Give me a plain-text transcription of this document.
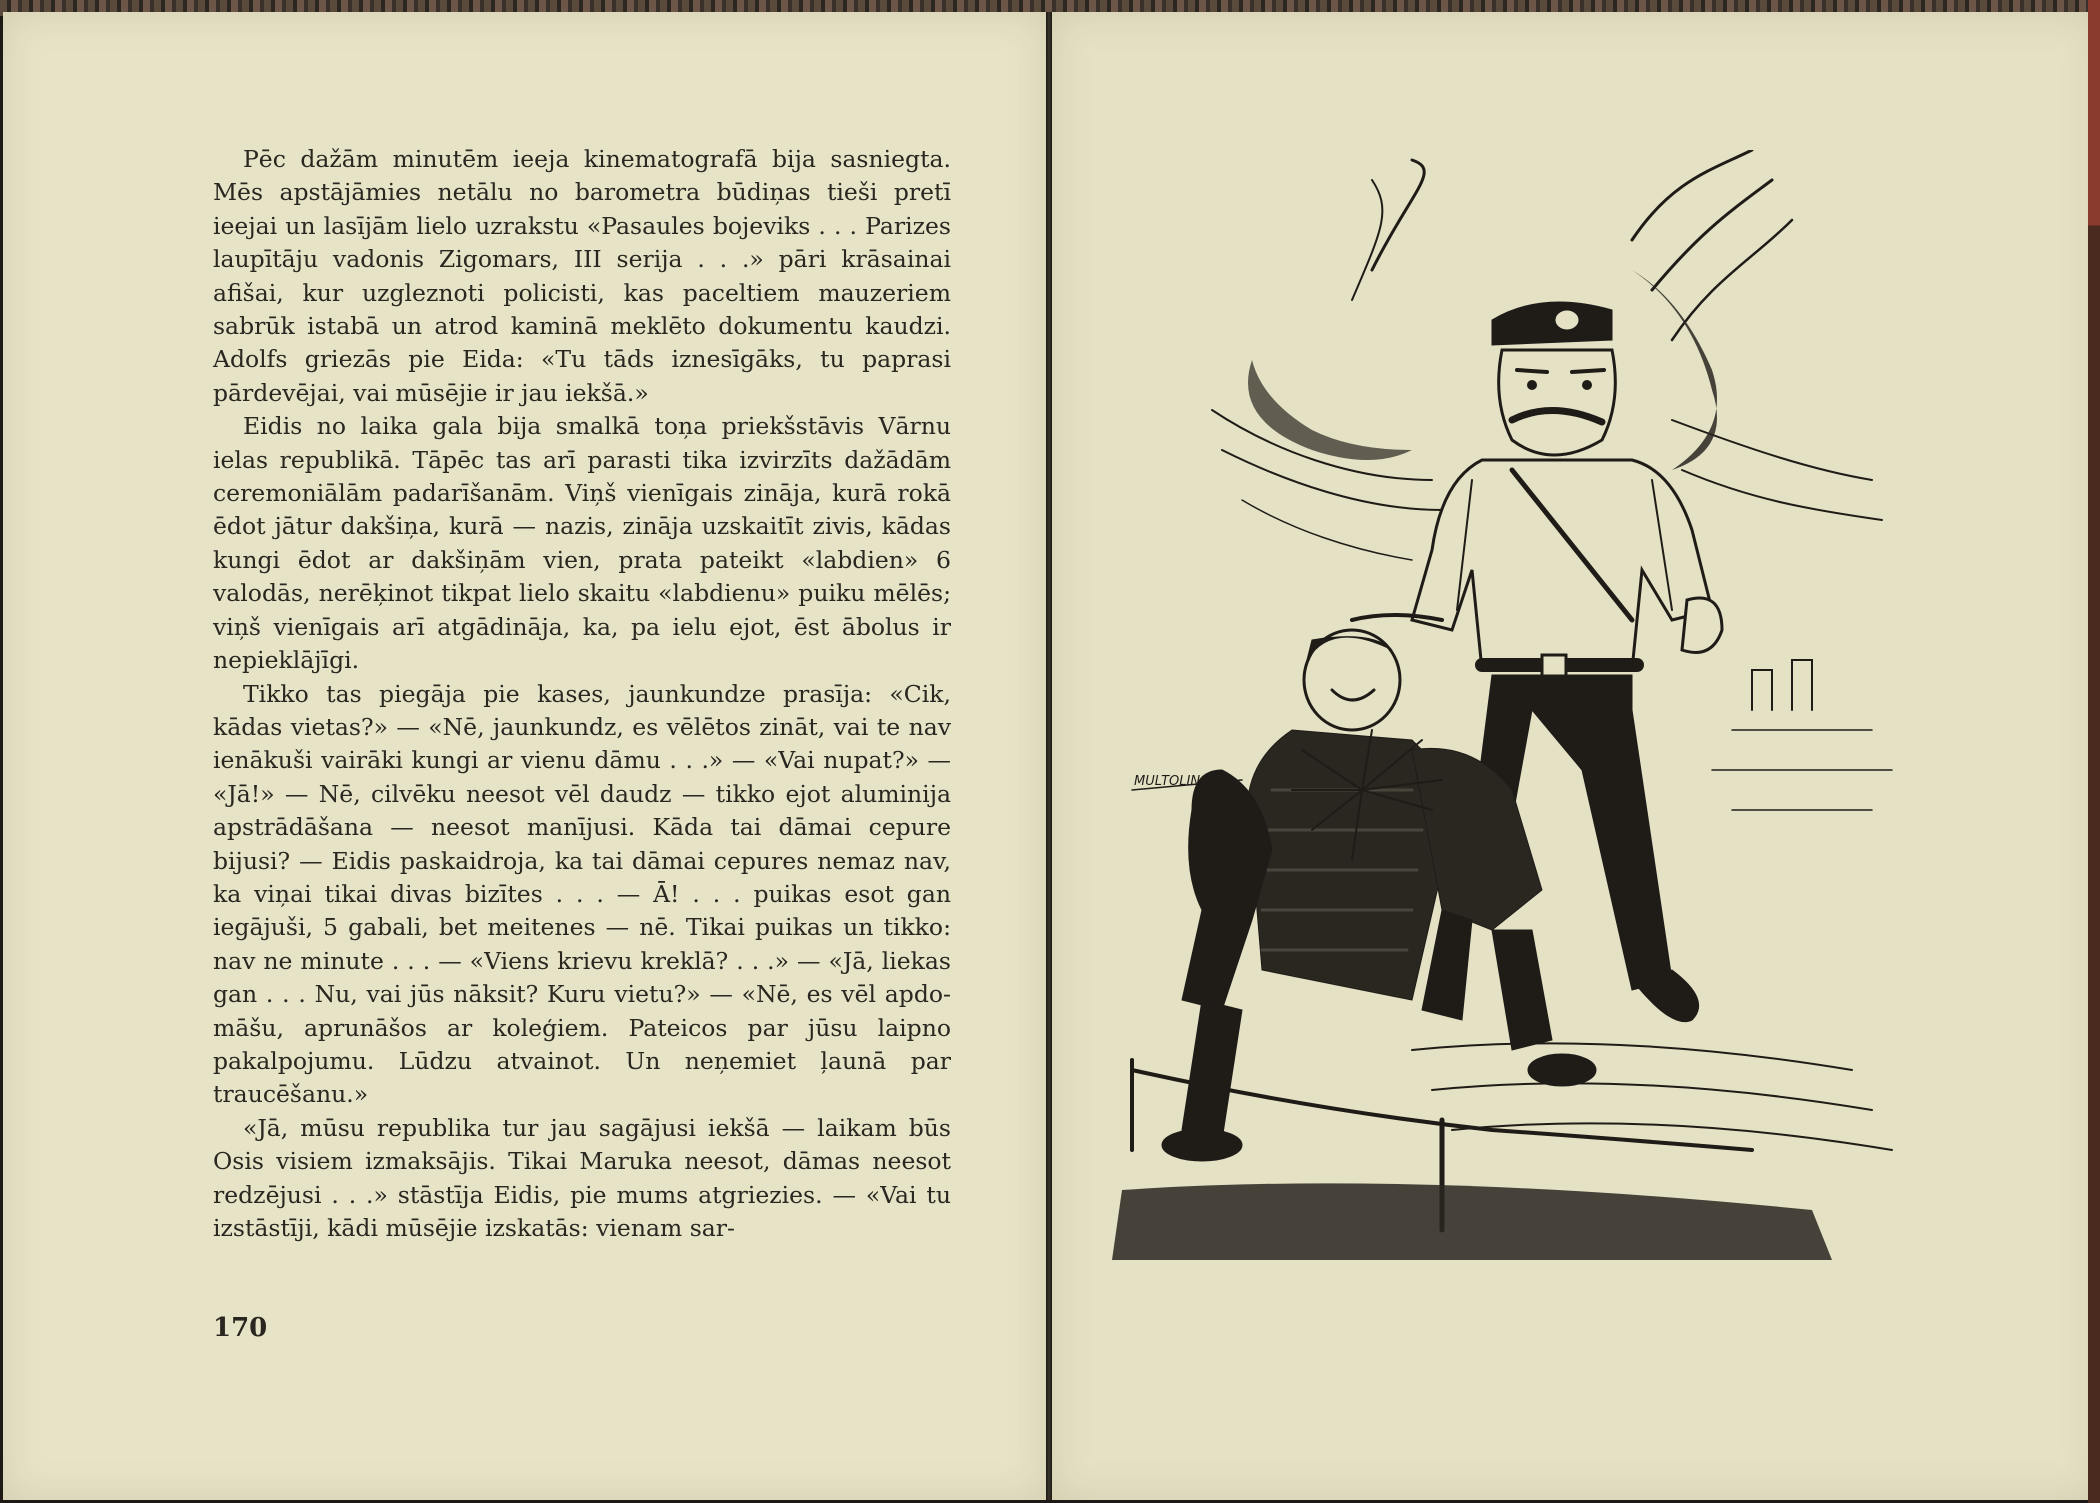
Pēc dažām minutēm ieeja kinematografā bija sasniegta. Mēs apstājāmies netālu no barometra būdiņas tieši pretī ieejai un lasījām lielo uzrakstu «Pasaules bojeviks . . . Parizes laupītāju vadonis Zigomars, III serija . . .» pāri krāsainai afišai, kur uzgleznoti policisti, kas paceltiem mauzeriem sabrūk istabā un atrod kaminā meklēto dokumentu kaudzi. Adolfs griezās pie Eida: «Tu tāds iznesīgāks, tu paprasi pārdevējai, vai mūsējie ir jau iekšā.»

Eidis no laika gala bija smalkā toņa priekšstāvis Vārnu ielas republikā. Tāpēc tas arī parasti tika izvirzīts dažādām ceremoniālām padarīšanām. Viņš vienīgais zināja, kurā rokā ēdot jātur dakšiņa, kurā — nazis, zināja uzskaitīt zivis, kādas kungi ēdot ar dakšiņām vien, prata pateikt «labdien» 6 valodās, nerēķinot tikpat lielo skaitu «labdienu» puiku mēlēs; viņš vienīgais arī atgādināja, ka, pa ielu ejot, ēst ābolus ir nepieklājīgi.

Tikko tas piegāja pie kases, jaunkundze prasīja: «Cik, kādas vietas?» — «Nē, jaunkundz, es vēlētos zināt, vai te nav ienākuši vairāki kungi ar vienu dāmu . . .» — «Vai nupat?» — «Jā!» — Nē, cilvēku neesot vēl daudz — tikko ejot aluminija apstrādāšana — neesot manījusi. Kāda tai dāmai cepure bijusi? — Eidis paskaidroja, ka tai dāmai cepures nemaz nav, ka viņai tikai divas bizītes . . . — Ā! . . . puikas esot gan iegājuši, 5 gabali, bet meitenes — nē. Tikai puikas un tikko: nav ne minute . . . — «Viens krievu kreklā? . . .» — «Jā, liekas gan . . . Nu, vai jūs nāksit? Kuru vietu?» — «Nē, es vēl apdomāšu, aprunāšos ar koleģiem. Pateicos par jūsu laipno pakalpojumu. Lūdzu atvainot. Un neņemiet ļaunā par traucēšanu.»

«Jā, mūsu republika tur jau sagājusi iekšā — laikam būs Osis visiem izmaksājis. Tikai Maruka neesot, dāmas neesot redzējusi . . .» stāstīja Eidis, pie mums atgriezies. — «Vai tu izstāstīji, kādi mūsējie izskatās: vienam sar-

170
MULTOLINS
